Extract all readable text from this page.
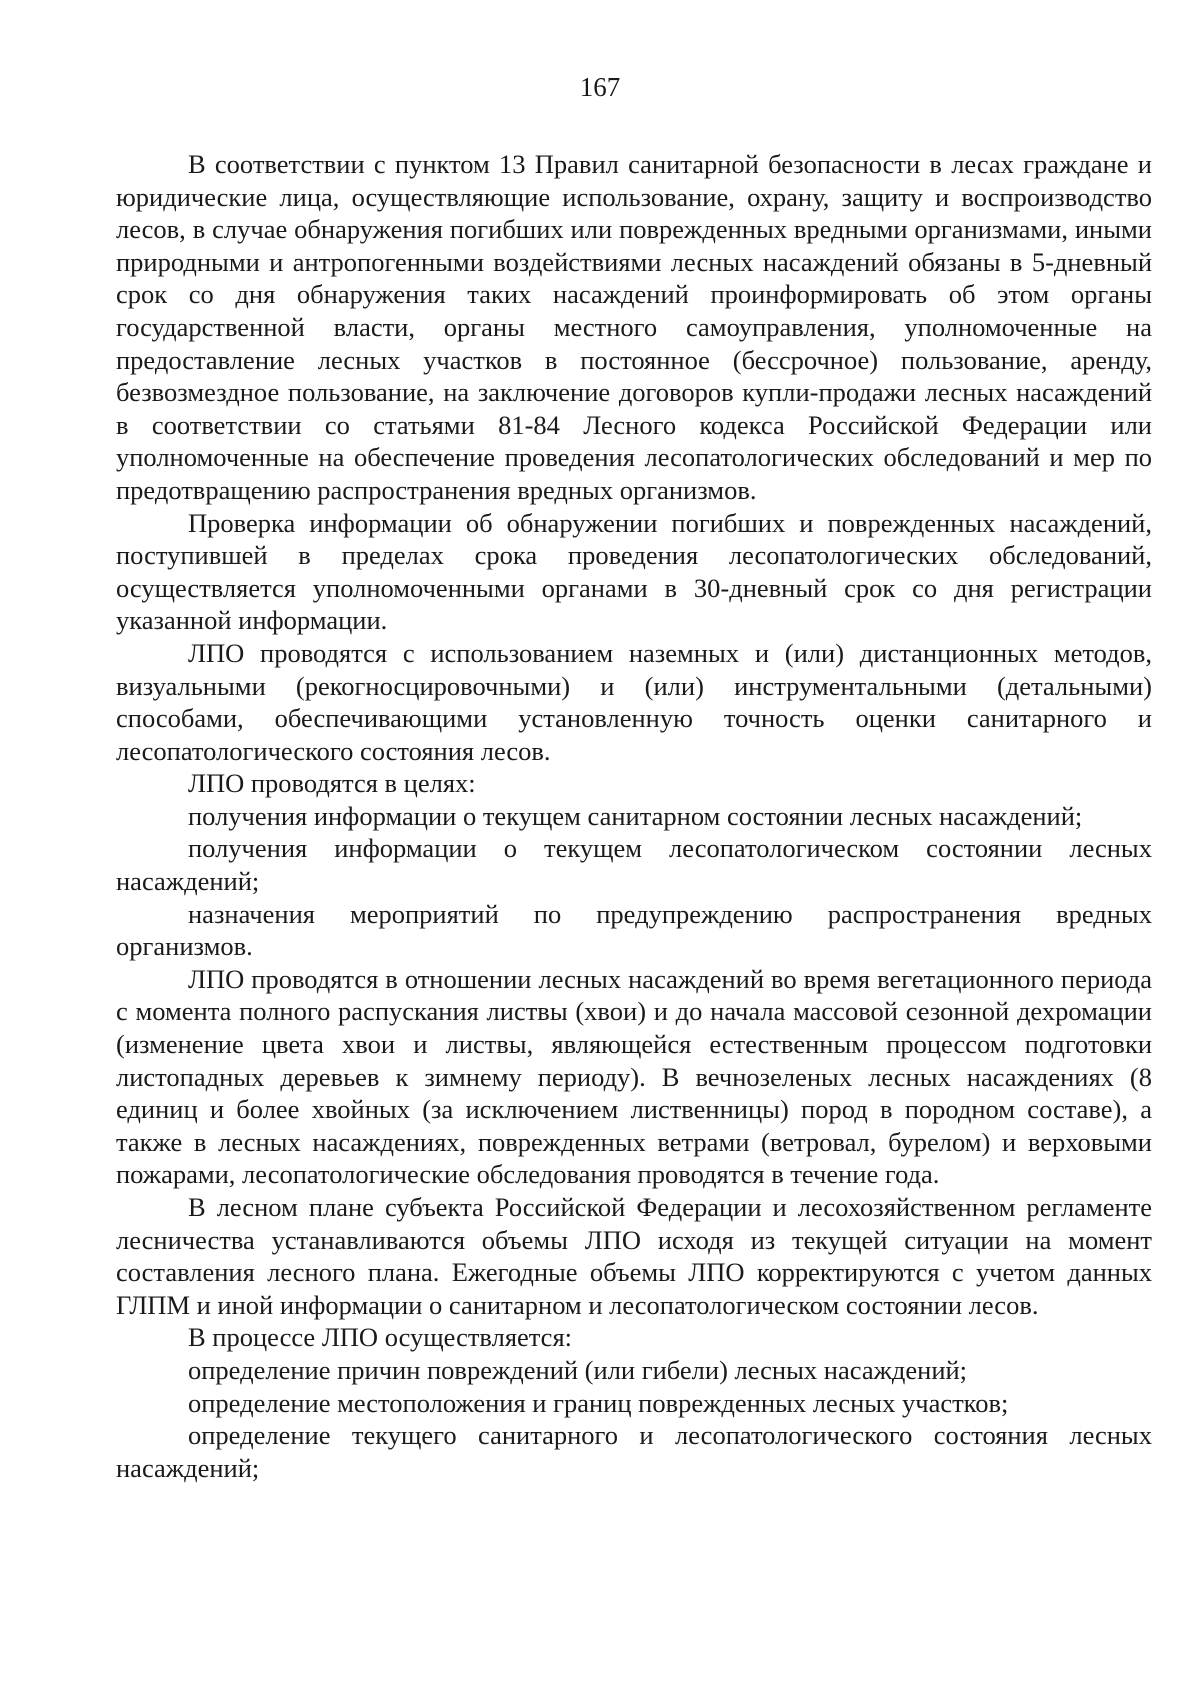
167

В соответствии с пунктом 13 Правил санитарной безопасности в лесах граждане и юридические лица, осуществляющие использование, охрану, защиту и воспроизводство лесов, в случае обнаружения погибших или поврежденных вредными организмами, иными природными и антропогенными воздействиями лесных насаждений обязаны в 5-дневный срок со дня обнаружения таких насаждений проинформировать об этом органы государственной власти, органы местного самоуправления, уполномоченные на предоставление лесных участков в постоянное (бессрочное) пользование, аренду, безвозмездное пользование, на заключение договоров купли-продажи лесных насаждений в соответствии со статьями 81-84 Лесного кодекса Российской Федерации или уполномоченные на обеспечение проведения лесопатологических обследований и мер по предотвращению распространения вредных организмов.

Проверка информации об обнаружении погибших и поврежденных насаждений, поступившей в пределах срока проведения лесопатологических обследований, осуществляется уполномоченными органами в 30-дневный срок со дня регистрации указанной информации.

ЛПО проводятся с использованием наземных и (или) дистанционных методов, визуальными (рекогносцировочными) и (или) инструментальными (детальными) способами, обеспечивающими установленную точность оценки санитарного и лесопатологического состояния лесов.

ЛПО проводятся в целях:

получения информации о текущем санитарном состоянии лесных насаждений;

получения информации о текущем лесопатологическом состоянии лесных насаждений;

назначения мероприятий по предупреждению распространения вредных организмов.

ЛПО проводятся в отношении лесных насаждений во время вегетационного периода с момента полного распускания листвы (хвои) и до начала массовой сезонной дехромации (изменение цвета хвои и листвы, являющейся естественным процессом подготовки листопадных деревьев к зимнему периоду). В вечнозеленых лесных насаждениях (8 единиц и более хвойных (за исключением лиственницы) пород в породном составе), а также в лесных насаждениях, поврежденных ветрами (ветровал, бурелом) и верховыми пожарами, лесопатологические обследования проводятся в течение года.

В лесном плане субъекта Российской Федерации и лесохозяйственном регламенте лесничества устанавливаются объемы ЛПО исходя из текущей ситуации на момент составления лесного плана. Ежегодные объемы ЛПО корректируются с учетом данных ГЛПМ и иной информации о санитарном и лесопатологическом состоянии лесов.

В процессе ЛПО осуществляется:

определение причин повреждений (или гибели) лесных насаждений;

определение местоположения и границ поврежденных лесных участков;

определение текущего санитарного и лесопатологического состояния лесных насаждений;
